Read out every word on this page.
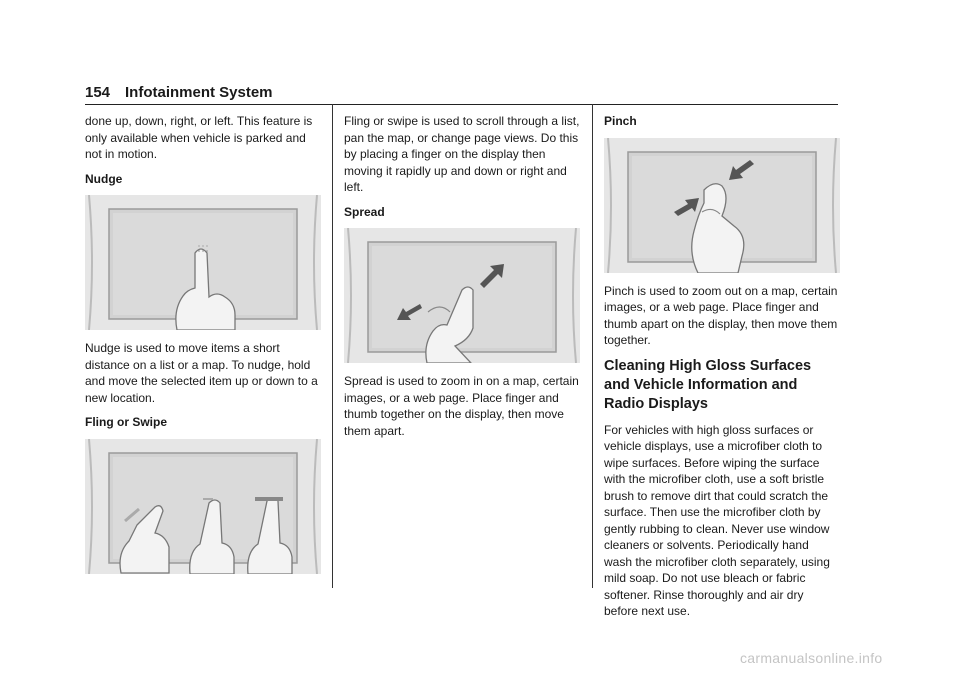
154 Infotainment System

done up, down, right, or left. This feature is only available when vehicle is parked and not in motion.

Nudge

Nudge is used to move items a short distance on a list or a map. To nudge, hold and move the selected item up or down to a new location.

Fling or Swipe

Fling or swipe is used to scroll through a list, pan the map, or change page views. Do this by placing a finger on the display then moving it rapidly up and down or right and left.

Spread

Spread is used to zoom in on a map, certain images, or a web page. Place finger and thumb together on the display, then move them apart.

Pinch

Pinch is used to zoom out on a map, certain images, or a web page. Place finger and thumb apart on the display, then move them together.

Cleaning High Gloss Surfaces and Vehicle Information and Radio Displays

For vehicles with high gloss surfaces or vehicle displays, use a microfiber cloth to wipe surfaces. Before wiping the surface with the microfiber cloth, use a soft bristle brush to remove dirt that could scratch the surface. Then use the microfiber cloth by gently rubbing to clean. Never use window cleaners or solvents. Periodically hand wash the microfiber cloth separately, using mild soap. Do not use bleach or fabric softener. Rinse thoroughly and air dry before next use.

carmanualsonline.info
